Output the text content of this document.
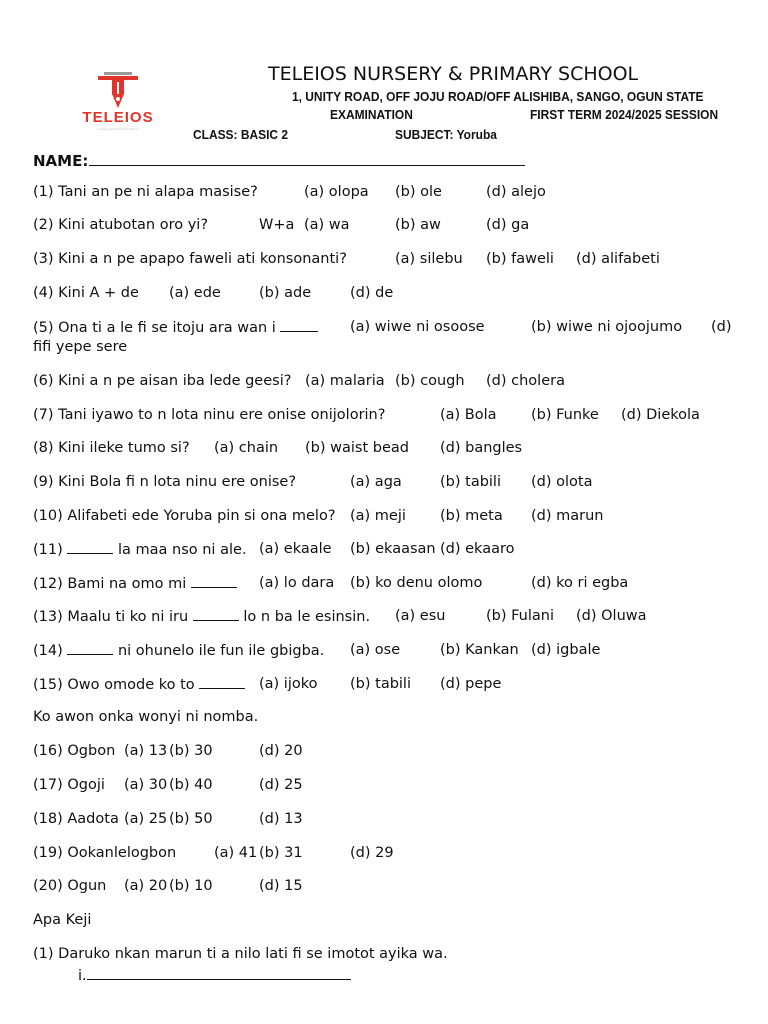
TELEIOS
nursery and primary school
TELEIOS NURSERY & PRIMARY SCHOOL
1, UNITY ROAD, OFF JOJU ROAD/OFF ALISHIBA, SANGO, OGUN STATE
EXAMINATION	FIRST TERM 2024/2025 SESSION
CLASS: BASIC 2	SUBJECT: Yoruba
NAME:
(1) Tani an pe ni alapa masise?	(a) olopa (b) ole	(d) alejo
(2) Kini atubotan oro yi?	W+a (a) wa	(b) aw	(d) ga
(3) Kini a n pe apapo faweli ati konsonanti?	(a) silebu (b) faweli (d) alifabeti
(4) Kini A + de (a) ede	(b) ade	(d) de
(5) Ona ti a le fi se itoju ara wan i	(a) wiwe ni osoose	(b) wiwe ni ojoojumo (d)
fifi yepe sere
(6) Kini a n pe aisan iba lede geesi? (a) malaria (b) cough (d) cholera
(7) Tani iyawo to n lota ninu ere onise onijolorin?	(a) Bola (b) Funke (d) Diekola
(8) Kini ileke tumo si? (a) chain (b) waist bead (d) bangles
(9) Kini Bola fi n lota ninu ere onise?	(a) aga	(b) tabili (d) olota
(10) Alifabeti ede Yoruba pin si ona melo? (a) meji (b) meta (d) marun
(11)	la maa nso ni ale. (a) ekaale (b) ekaasan (d) ekaaro
(12) Bami na omo mi	(a) lo dara (b) ko denu olomo	(d) ko ri egba
(13) Maalu ti ko ni iru	lo n ba le esinsin. (a) esu	(b) Fulani (d) Oluwa
(14)	ni ohunelo ile fun ile gbigba. (a) ose	(b) Kankan (d) igbale
(15) Owo omode ko to	(a) ijoko (b) tabili (d) pepe
Ko awon onka wonyi ni nomba.
(16) Ogbon (a) 13 (b) 30	(d) 20
(17) Ogoji (a) 30 (b) 40	(d) 25
(18) Aadota (a) 25 (b) 50	(d) 13
(19) Ookanlelogbon	(a) 41 (b) 31	(d) 29
(20) Ogun (a) 20 (b) 10	(d) 15
Apa Keji
(1) Daruko nkan marun ti a nilo lati fi se imotot ayika wa.
i.
